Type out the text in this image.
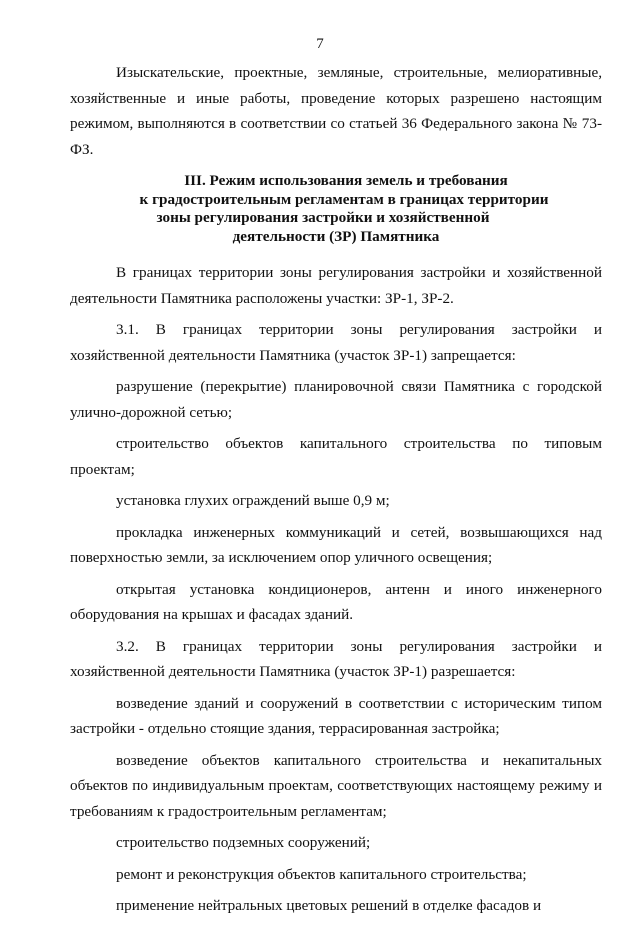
7

Изыскательские, проектные, земляные, строительные, мелиоративные, хозяйственные и иные работы, проведение которых разрешено настоящим режимом, выполняются в соответствии со статьей 36 Федерального закона № 73-ФЗ.

III. Режим использования земель и требования
к градостроительным регламентам в границах территории
зоны регулирования застройки и хозяйственной
деятельности (ЗР) Памятника

В границах территории зоны регулирования застройки и хозяйственной деятельности Памятника расположены участки: ЗР-1, ЗР-2.

3.1. В границах территории зоны регулирования застройки и хозяйственной деятельности Памятника (участок ЗР-1) запрещается:

разрушение (перекрытие) планировочной связи Памятника с городской улично-дорожной сетью;

строительство объектов капитального строительства по типовым проектам;

установка глухих ограждений выше 0,9 м;

прокладка инженерных коммуникаций и сетей, возвышающихся над поверхностью земли, за исключением опор уличного освещения;

открытая установка кондиционеров, антенн и иного инженерного оборудования на крышах и фасадах зданий.

3.2. В границах территории зоны регулирования застройки и хозяйственной деятельности Памятника (участок ЗР-1) разрешается:

возведение зданий и сооружений в соответствии с историческим типом застройки - отдельно стоящие здания, террасированная застройка;

возведение объектов капитального строительства и некапитальных объектов по индивидуальным проектам, соответствующих настоящему режиму и требованиям к градостроительным регламентам;

строительство подземных сооружений;

ремонт и реконструкция объектов капитального строительства;

применение нейтральных цветовых решений в отделке фасадов и
